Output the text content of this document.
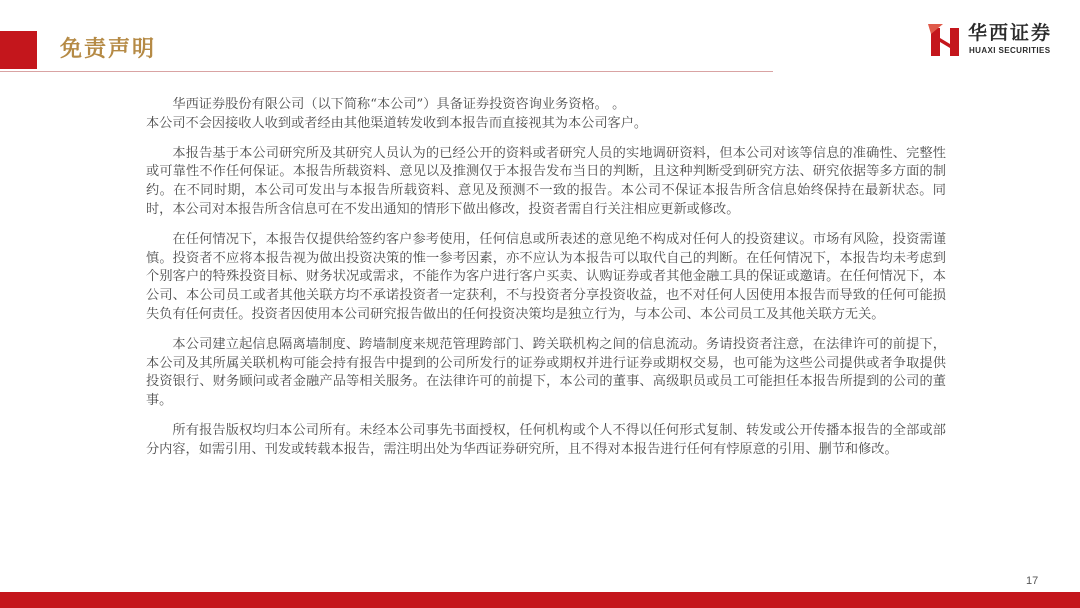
免责声明
华西证券
HUAXI SECURITIES

华西证券股份有限公司（以下简称“本公司”）具备证券投资咨询业务资格。 。

本公司不会因接收人收到或者经由其他渠道转发收到本报告而直接视其为本公司客户。

本报告基于本公司研究所及其研究人员认为的已经公开的资料或者研究人员的实地调研资料，但本公司对该等信息的准确性、完整性或可靠性不作任何保证。本报告所载资料、意见以及推测仅于本报告发布当日的判断，且这种判断受到研究方法、研究依据等多方面的制约。在不同时期，本公司可发出与本报告所载资料、意见及预测不一致的报告。本公司不保证本报告所含信息始终保持在最新状态。同时，本公司对本报告所含信息可在不发出通知的情形下做出修改，投资者需自行关注相应更新或修改。

在任何情况下，本报告仅提供给签约客户参考使用，任何信息或所表述的意见绝不构成对任何人的投资建议。市场有风险，投资需谨慎。投资者不应将本报告视为做出投资决策的惟一参考因素，亦不应认为本报告可以取代自己的判断。在任何情况下，本报告均未考虑到个别客户的特殊投资目标、财务状况或需求，不能作为客户进行客户买卖、认购证券或者其他金融工具的保证或邀请。在任何情况下，本公司、本公司员工或者其他关联方均不承诺投资者一定获利，不与投资者分享投资收益，也不对任何人因使用本报告而导致的任何可能损失负有任何责任。投资者因使用本公司研究报告做出的任何投资决策均是独立行为，与本公司、本公司员工及其他关联方无关。

本公司建立起信息隔离墙制度、跨墙制度来规范管理跨部门、跨关联机构之间的信息流动。务请投资者注意，在法律许可的前提下，本公司及其所属关联机构可能会持有报告中提到的公司所发行的证券或期权并进行证券或期权交易，也可能为这些公司提供或者争取提供投资银行、财务顾问或者金融产品等相关服务。在法律许可的前提下，本公司的董事、高级职员或员工可能担任本报告所提到的公司的董事。

所有报告版权均归本公司所有。未经本公司事先书面授权，任何机构或个人不得以任何形式复制、转发或公开传播本报告的全部或部分内容，如需引用、刊发或转载本报告，需注明出处为华西证券研究所，且不得对本报告进行任何有悖原意的引用、删节和修改。

17
